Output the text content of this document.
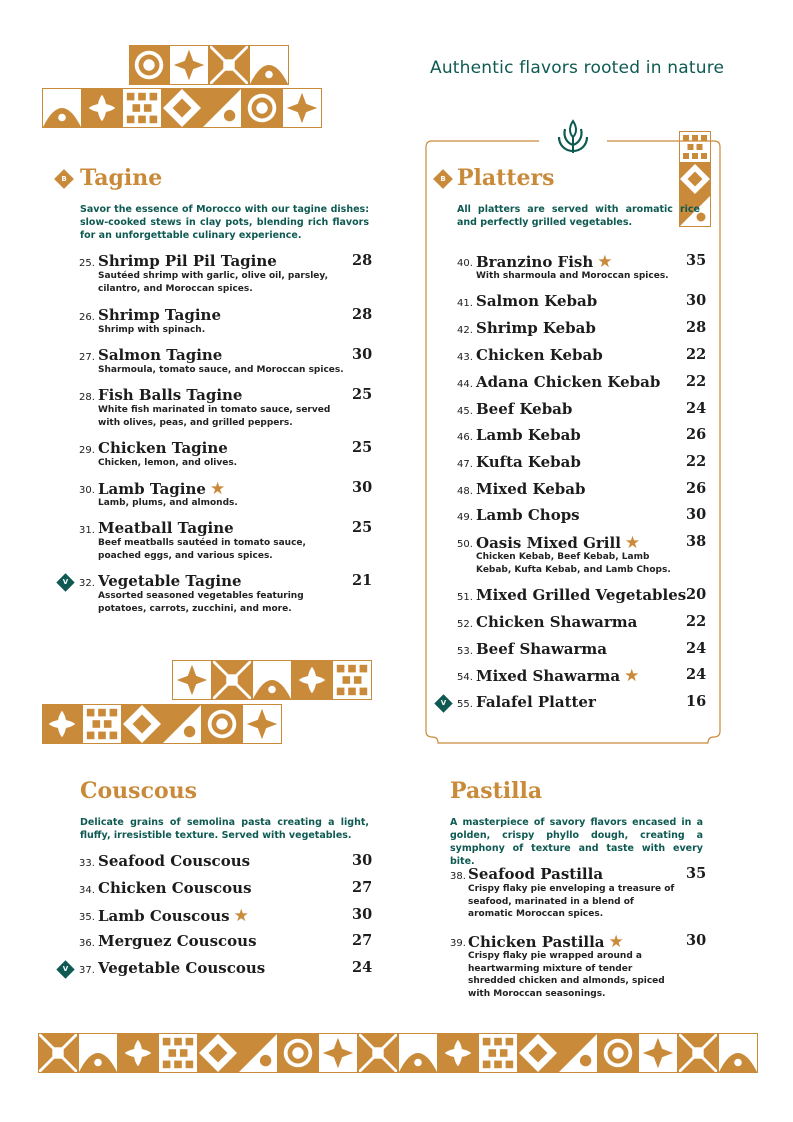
Authentic flavors rooted in nature
B Tagine
Savor the essence of Morocco with our tagine dishes: slow-cooked stews in clay pots, blending rich flavors for an unforgettable culinary experience.
25. Shrimp Pil Pil Tagine	28
Sautéed shrimp with garlic, olive oil, parsley, cilantro, and Moroccan spices.
26. Shrimp Tagine	28
Shrimp with spinach.
27. Salmon Tagine	30
Sharmoula, tomato sauce, and Moroccan spices.
28. Fish Balls Tagine	25
White fish marinated in tomato sauce, served with olives, peas, and grilled peppers.
29. Chicken Tagine	25
Chicken, lemon, and olives.
30. Lamb Tagine ★	30
Lamb, plums, and almonds.
31. Meatball Tagine	25
Beef meatballs sautéed in tomato sauce, poached eggs, and various spices.
32. Vegetable Tagine	21
Assorted seasoned vegetables featuring potatoes, carrots, zucchini, and more.
V
B Platters
All platters are served with aromatic rice and perfectly grilled vegetables.
40. Branzino Fish ★	35
With sharmoula and Moroccan spices.
41. Salmon Kebab	30
42. Shrimp Kebab	28
43. Chicken Kebab	22
44. Adana Chicken Kebab 22
45. Beef Kebab	24
46. Lamb Kebab	26
47. Kufta Kebab	22
48. Mixed Kebab	26
49. Lamb Chops	30
50. Oasis Mixed Grill ★	38
Chicken Kebab, Beef Kebab, Lamb Kebab, Kufta Kebab, and Lamb Chops.
51. Mixed Grilled Vegetables 20
52. Chicken Shawarma	22
53. Beef Shawarma	24
54. Mixed Shawarma ★	24
55. Falafel Platter	16
V
Couscous
Delicate grains of semolina pasta creating a light, fluffy, irresistible texture. Served with vegetables.
33. Seafood Couscous	30
34. Chicken Couscous	27
35. Lamb Couscous ★	30
36. Merguez Couscous	27
37. Vegetable Couscous	24
V
Pastilla
A masterpiece of savory flavors encased in a golden, crispy phyllo dough, creating a symphony of texture and taste with every bite.
38. Seafood Pastilla	35
Crispy flaky pie enveloping a treasure of seafood, marinated in a blend of aromatic Moroccan spices.
39. Chicken Pastilla ★	30
Crispy flaky pie wrapped around a heartwarming mixture of tender shredded chicken and almonds, spiced with Moroccan seasonings.
